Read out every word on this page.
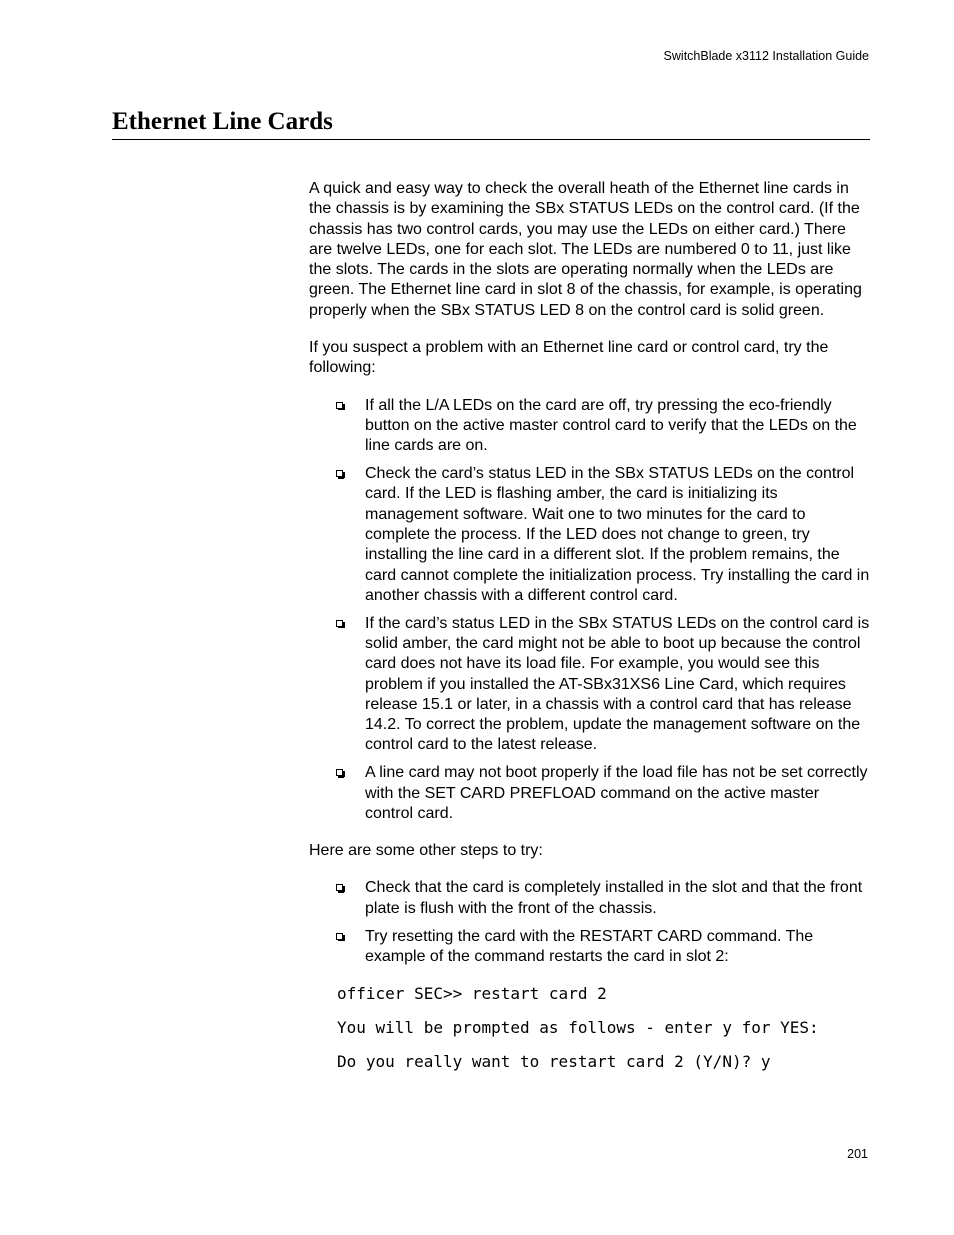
SwitchBlade x3112 Installation Guide
Ethernet Line Cards

A quick and easy way to check the overall heath of the Ethernet line cards in the chassis is by examining the SBx STATUS LEDs on the control card. (If the chassis has two control cards, you may use the LEDs on either card.) There are twelve LEDs, one for each slot. The LEDs are numbered 0 to 11, just like the slots. The cards in the slots are operating normally when the LEDs are green. The Ethernet line card in slot 8 of the chassis, for example, is operating properly when the SBx STATUS LED 8 on the control card is solid green.

If you suspect a problem with an Ethernet line card or control card, try the following:

If all the L/A LEDs on the card are off, try pressing the eco-friendly button on the active master control card to verify that the LEDs on the line cards are on.
Check the card’s status LED in the SBx STATUS LEDs on the control card. If the LED is flashing amber, the card is initializing its management software. Wait one to two minutes for the card to complete the process. If the LED does not change to green, try installing the line card in a different slot. If the problem remains, the card cannot complete the initialization process. Try installing the card in another chassis with a different control card.
If the card’s status LED in the SBx STATUS LEDs on the control card is solid amber, the card might not be able to boot up because the control card does not have its load file. For example, you would see this problem if you installed the AT-SBx31XS6 Line Card, which requires release 15.1 or later, in a chassis with a control card that has release 14.2. To correct the problem, update the management software on the control card to the latest release.
A line card may not boot properly if the load file has not be set correctly with the SET CARD PREFLOAD command on the active master control card.

Here are some other steps to try:

Check that the card is completely installed in the slot and that the front plate is flush with the front of the chassis.
Try resetting the card with the RESTART CARD command. The example of the command restarts the card in slot 2:
officer SEC>> restart card 2
You will be prompted as follows - enter y for YES:
Do you really want to restart card 2 (Y/N)? y
201
